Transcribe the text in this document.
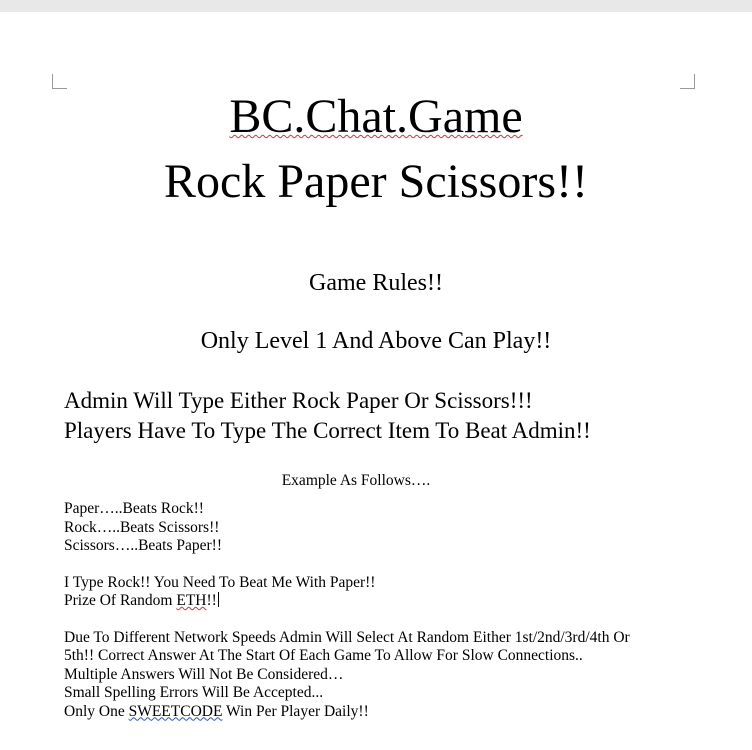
BC.Chat.Game
Rock Paper Scissors!!
Game Rules!!
Only Level 1 And Above Can Play!!
Admin Will Type Either Rock Paper Or Scissors!!!
Players Have To Type The Correct Item To Beat Admin!!
Example As Follows….

Paper…..Beats Rock!!

Rock…..Beats Scissors!!

Scissors…..Beats Paper!!

I Type Rock!! You Need To Beat Me With Paper!!

Prize Of Random ETH!!

Due To Different Network Speeds Admin Will Select At Random Either 1st/2nd/3rd/4th Or

5th!! Correct Answer At The Start Of Each Game To Allow For Slow Connections..

Multiple Answers Will Not Be Considered…

Small Spelling Errors Will Be Accepted...

Only One SWEETCODE Win Per Player Daily!!
